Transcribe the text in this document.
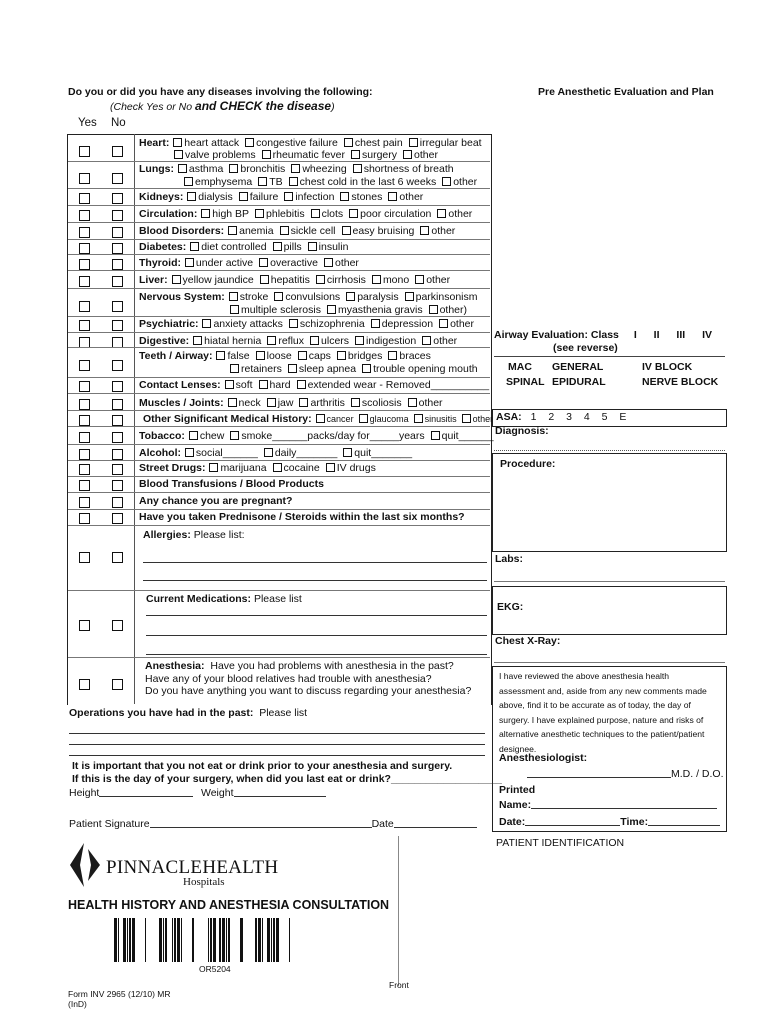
Do you or did you have any diseases involving the following:
(Check Yes or No and CHECK the disease)
Yes No
Pre Anesthetic Evaluation and Plan
Heart: heart attack congestive failure chest pain irregular beat
valve problems rheumatic fever surgery other
Lungs: asthma bronchitis wheezing shortness of breath
emphysema TB chest cold in the last 6 weeks other
Kidneys: dialysis failure infection stones other
Circulation: high BP phlebitis clots poor circulation other
Blood Disorders: anemia sickle cell easy bruising other
Diabetes: diet controlled pills insulin
Thyroid: under active overactive other
Liver: yellow jaundice hepatitis cirrhosis mono other
Nervous System: stroke convulsions paralysis parkinsonism
multiple sclerosis myasthenia gravis other)
Psychiatric: anxiety attacks schizophrenia depression other
Digestive: hiatal hernia reflux ulcers indigestion other
Teeth / Airway: false loose caps bridges braces
retainers sleep apnea trouble opening mouth
Contact Lenses: soft hard extended wear - Removed__________
Muscles / Joints: neck jaw arthritis scoliosis other
Other Significant Medical History: cancer glaucoma sinusitis other
Tobacco: chew smoke______packs/day for_____years quit______
Alcohol: social______ daily_______ quit_______
Street Drugs: marijuana cocaine IV drugs
Blood Transfusions / Blood Products
Any chance you are pregnant?
Have you taken Prednisone / Steroids within the last six months?
Allergies: Please list:
Current Medications: Please list
Anesthesia: Have you had problems with anesthesia in the past?
Have any of your blood relatives had trouble with anesthesia?
Do you have anything you want to discuss regarding your anesthesia?
Operations you have had in the past: Please list
It is important that you not eat or drink prior to your anesthesia and surgery.
If this is the day of your surgery, when did you last eat or drink?___________________
Height	Weight
Patient Signature	Date
Airway Evaluation: Class I II III IV
(see reverse)
MAC GENERAL	IV BLOCK
SPINAL EPIDURAL	NERVE BLOCK
ASA: 1 2 3 4 5 E
Diagnosis:
Procedure:
Labs:
EKG:
Chest X-Ray:
I have reviewed the above anesthesia health
assessment and, aside from any new comments made
above, find it to be accurate as of today, the day of
surgery. I have explained purpose, nature and risks of
alternative anesthetic techniques to the patient/patient
designee.
Anesthesiologist:
M.D. / D.O.
Printed
Name:
Date:	Time:
PATIENT IDENTIFICATION
PINNACLEHEALTH
Hospitals
HEALTH HISTORY AND ANESTHESIA CONSULTATION
OR5204
Front
Form INV 2965 (12/10) MR
(InD)
